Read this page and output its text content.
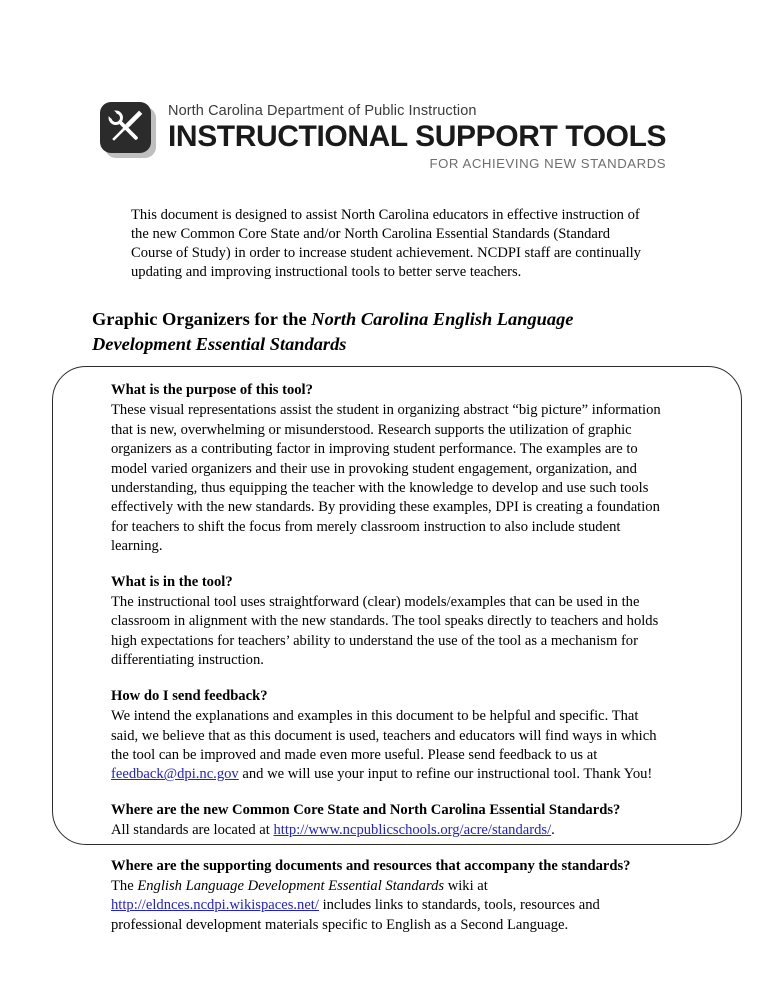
North Carolina Department of Public Instruction
INSTRUCTIONAL SUPPORT TOOLS
FOR ACHIEVING NEW STANDARDS

This document is designed to assist North Carolina educators in effective instruction of the new Common Core State and/or North Carolina Essential Standards (Standard Course of Study) in order to increase student achievement. NCDPI staff are continually updating and improving instructional tools to better serve teachers.

Graphic Organizers for the North Carolina English Language Development Essential Standards

What is the purpose of this tool?

These visual representations assist the student in organizing abstract “big picture” information that is new, overwhelming or misunderstood. Research supports the utilization of graphic organizers as a contributing factor in improving student performance. The examples are to model varied organizers and their use in provoking student engagement, organization, and understanding, thus equipping the teacher with the knowledge to develop and use such tools effectively with the new standards. By providing these examples, DPI is creating a foundation for teachers to shift the focus from merely classroom instruction to also include student learning.

What is in the tool?

The instructional tool uses straightforward (clear) models/examples that can be used in the classroom in alignment with the new standards. The tool speaks directly to teachers and holds high expectations for teachers’ ability to understand the use of the tool as a mechanism for differentiating instruction.

How do I send feedback?

We intend the explanations and examples in this document to be helpful and specific. That said, we believe that as this document is used, teachers and educators will find ways in which the tool can be improved and made even more useful. Please send feedback to us at feedback@dpi.nc.gov and we will use your input to refine our instructional tool. Thank You!

Where are the new Common Core State and North Carolina Essential Standards?

All standards are located at http://www.ncpublicschools.org/acre/standards/.

Where are the supporting documents and resources that accompany the standards?

The English Language Development Essential Standards wiki at http://eldnces.ncdpi.wikispaces.net/ includes links to standards, tools, resources and professional development materials specific to English as a Second Language.
